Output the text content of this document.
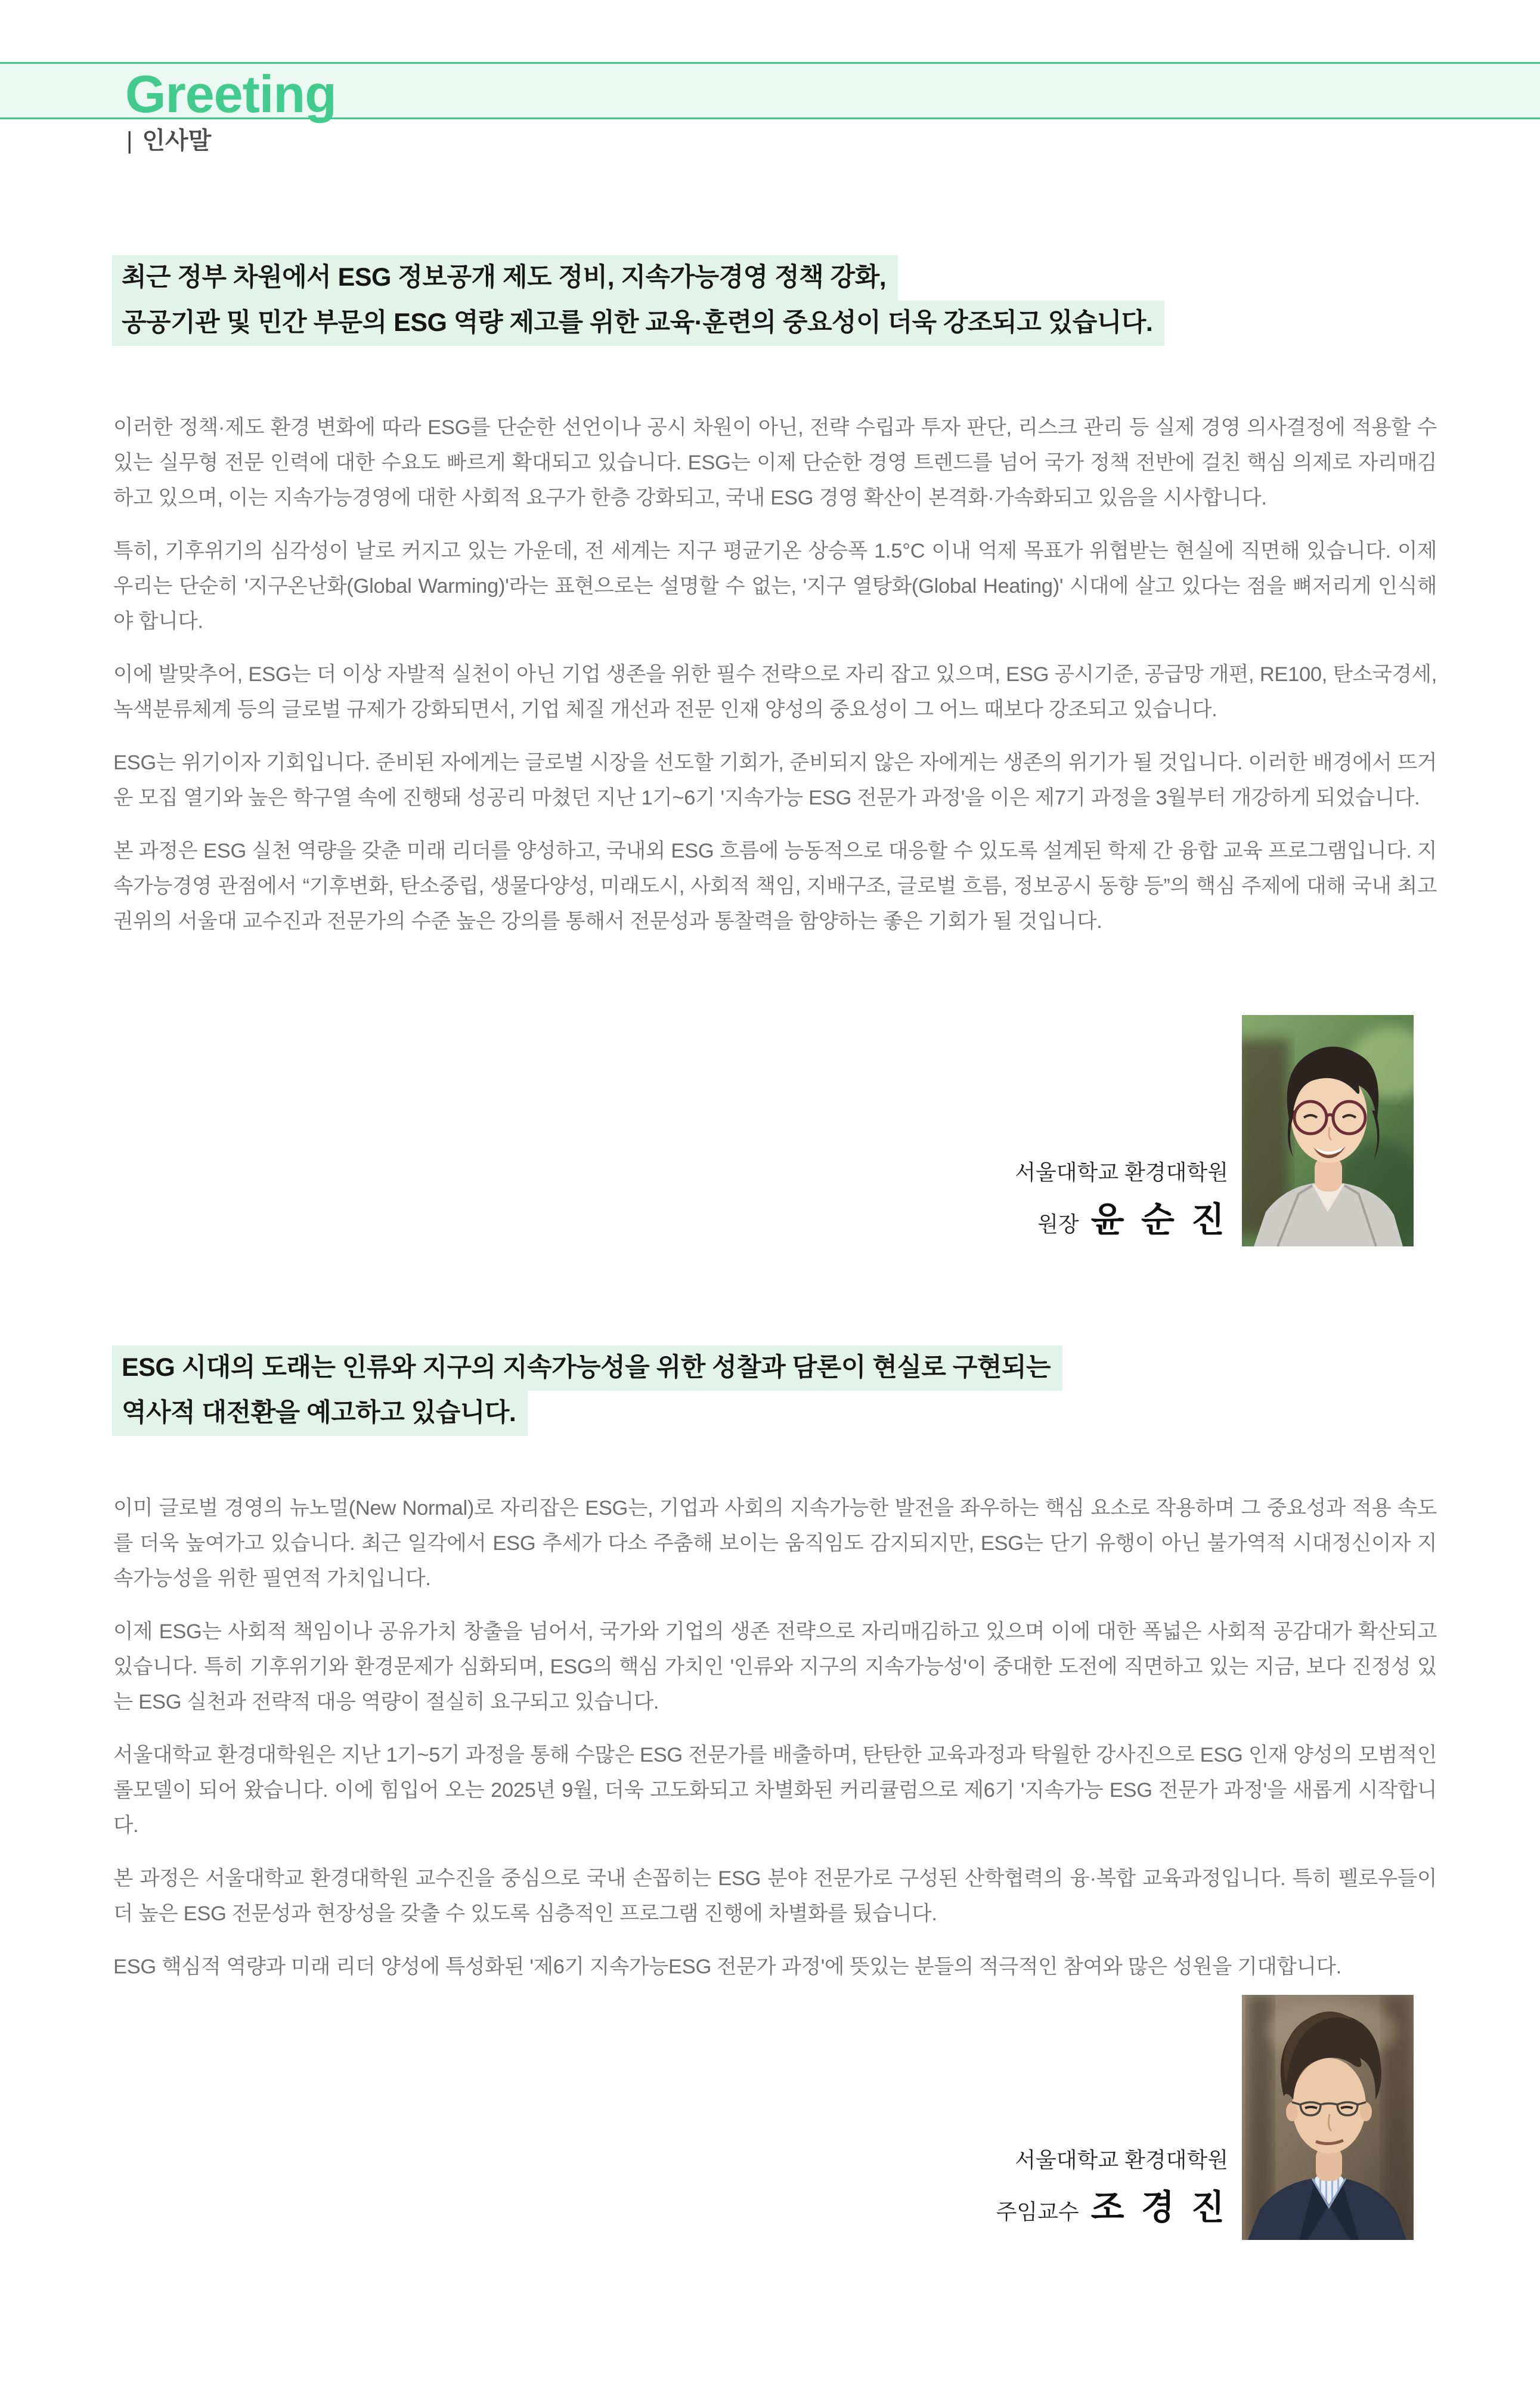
Greeting
| 인사말
최근 정부 차원에서 ESG 정보공개 제도 정비, 지속가능경영 정책 강화,
공공기관 및 민간 부문의 ESG 역량 제고를 위한 교육·훈련의 중요성이 더욱 강조되고 있습니다.

이러한 정책·제도 환경 변화에 따라 ESG를 단순한 선언이나 공시 차원이 아닌, 전략 수립과 투자 판단, 리스크 관리 등 실제 경영 의사결정에 적용할 수 있는 실무형 전문 인력에 대한 수요도 빠르게 확대되고 있습니다. ESG는 이제 단순한 경영 트렌드를 넘어 국가 정책 전반에 걸친 핵심 의제로 자리매김하고 있으며, 이는 지속가능경영에 대한 사회적 요구가 한층 강화되고, 국내 ESG 경영 확산이 본격화·가속화되고 있음을 시사합니다.

특히, 기후위기의 심각성이 날로 커지고 있는 가운데, 전 세계는 지구 평균기온 상승폭 1.5°C 이내 억제 목표가 위협받는 현실에 직면해 있습니다. 이제 우리는 단순히 '지구온난화(Global Warming)'라는 표현으로는 설명할 수 없는, '지구 열탕화(Global Heating)' 시대에 살고 있다는 점을 뼈저리게 인식해야 합니다.

이에 발맞추어, ESG는 더 이상 자발적 실천이 아닌 기업 생존을 위한 필수 전략으로 자리 잡고 있으며, ESG 공시기준, 공급망 개편, RE100, 탄소국경세, 녹색분류체계 등의 글로벌 규제가 강화되면서, 기업 체질 개선과 전문 인재 양성의 중요성이 그 어느 때보다 강조되고 있습니다.

ESG는 위기이자 기회입니다. 준비된 자에게는 글로벌 시장을 선도할 기회가, 준비되지 않은 자에게는 생존의 위기가 될 것입니다. 이러한 배경에서 뜨거운 모집 열기와 높은 학구열 속에 진행돼 성공리 마쳤던 지난 1기~6기 '지속가능 ESG 전문가 과정'을 이은 제7기 과정을 3월부터 개강하게 되었습니다.

본 과정은 ESG 실천 역량을 갖춘 미래 리더를 양성하고, 국내외 ESG 흐름에 능동적으로 대응할 수 있도록 설계된 학제 간 융합 교육 프로그램입니다. 지속가능경영 관점에서 “기후변화, 탄소중립, 생물다양성, 미래도시, 사회적 책임, 지배구조, 글로벌 흐름, 정보공시 동향 등”의 핵심 주제에 대해 국내 최고권위의 서울대 교수진과 전문가의 수준 높은 강의를 통해서 전문성과 통찰력을 함양하는 좋은 기회가 될 것입니다.

서울대학교 환경대학원
원장 윤 순 진
ESG 시대의 도래는 인류와 지구의 지속가능성을 위한 성찰과 담론이 현실로 구현되는
역사적 대전환을 예고하고 있습니다.

이미 글로벌 경영의 뉴노멀(New Normal)로 자리잡은 ESG는, 기업과 사회의 지속가능한 발전을 좌우하는 핵심 요소로 작용하며 그 중요성과 적용 속도를 더욱 높여가고 있습니다. 최근 일각에서 ESG 추세가 다소 주춤해 보이는 움직임도 감지되지만, ESG는 단기 유행이 아닌 불가역적 시대정신이자 지속가능성을 위한 필연적 가치입니다.

이제 ESG는 사회적 책임이나 공유가치 창출을 넘어서, 국가와 기업의 생존 전략으로 자리매김하고 있으며 이에 대한 폭넓은 사회적 공감대가 확산되고 있습니다. 특히 기후위기와 환경문제가 심화되며, ESG의 핵심 가치인 '인류와 지구의 지속가능성'이 중대한 도전에 직면하고 있는 지금, 보다 진정성 있는 ESG 실천과 전략적 대응 역량이 절실히 요구되고 있습니다.

서울대학교 환경대학원은 지난 1기~5기 과정을 통해 수많은 ESG 전문가를 배출하며, 탄탄한 교육과정과 탁월한 강사진으로 ESG 인재 양성의 모범적인 롤모델이 되어 왔습니다. 이에 힘입어 오는 2025년 9월, 더욱 고도화되고 차별화된 커리큘럼으로 제6기 '지속가능 ESG 전문가 과정'을 새롭게 시작합니다.

본 과정은 서울대학교 환경대학원 교수진을 중심으로 국내 손꼽히는 ESG 분야 전문가로 구성된 산학협력의 융·복합 교육과정입니다. 특히 펠로우들이 더 높은 ESG 전문성과 현장성을 갖출 수 있도록 심층적인 프로그램 진행에 차별화를 뒀습니다.

ESG 핵심적 역량과 미래 리더 양성에 특성화된 '제6기 지속가능ESG 전문가 과정'에 뜻있는 분들의 적극적인 참여와 많은 성원을 기대합니다.

서울대학교 환경대학원
주임교수 조 경 진
